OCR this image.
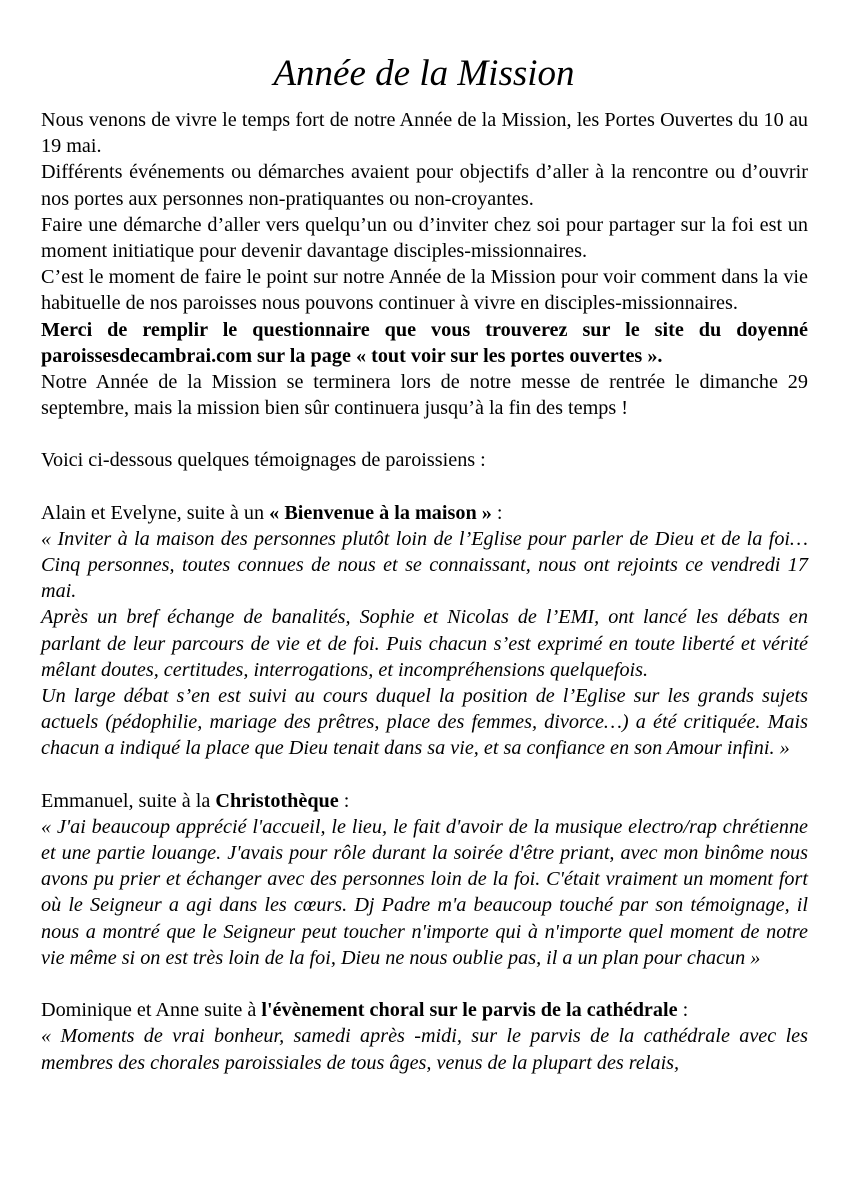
Année de la Mission

Nous venons de vivre le temps fort de notre Année de la Mission, les Portes Ouvertes du 10 au 19 mai.

Différents événements ou démarches avaient pour objectifs d’aller à la rencontre ou d’ouvrir nos portes aux personnes non-pratiquantes ou non-croyantes.

Faire une démarche d’aller vers quelqu’un ou d’inviter chez soi pour partager sur la foi est un moment initiatique pour devenir davantage disciples-missionnaires.

C’est le moment de faire le point sur notre Année de la Mission pour voir comment dans la vie habituelle de nos paroisses nous pouvons continuer à vivre en disciples-missionnaires.

Merci de remplir le questionnaire que vous trouverez sur le site du doyenné paroissesdecambrai.com sur la page « tout voir sur les portes ouvertes ».

Notre Année de la Mission se terminera lors de notre messe de rentrée le dimanche 29 septembre, mais la mission bien sûr continuera jusqu’à la fin des temps !

Voici ci-dessous quelques témoignages de paroissiens :

Alain et Evelyne, suite à un « Bienvenue à la maison » :

« Inviter à la maison des personnes plutôt loin de l’Eglise pour parler de Dieu et de la foi… Cinq personnes, toutes connues de nous et se connaissant, nous ont rejoints ce vendredi 17 mai.

Après un bref échange de banalités, Sophie et Nicolas de l’EMI, ont lancé les débats en parlant de leur parcours de vie et de foi. Puis chacun s’est exprimé en toute liberté et vérité mêlant doutes, certitudes, interrogations, et incompréhensions quelquefois.

Un large débat s’en est suivi au cours duquel la position de l’Eglise sur les grands sujets actuels (pédophilie, mariage des prêtres, place des femmes, divorce…) a été critiquée. Mais chacun a indiqué la place que Dieu tenait dans sa vie, et sa confiance en son Amour infini. »

Emmanuel, suite à la Christothèque :

« J'ai beaucoup apprécié l'accueil, le lieu, le fait d'avoir de la musique electro/rap chrétienne et une partie louange. J'avais pour rôle durant la soirée d'être priant, avec mon binôme nous avons pu prier et échanger avec des personnes loin de la foi. C'était vraiment un moment fort où le Seigneur a agi dans les cœurs. Dj Padre m'a beaucoup touché par son témoignage, il nous a montré que le Seigneur peut toucher n'importe qui à n'importe quel moment de notre vie même si on est très loin de la foi, Dieu ne nous oublie pas, il a un plan pour chacun »

Dominique et Anne suite à l'évènement choral sur le parvis de la cathédrale :

« Moments de vrai bonheur, samedi après -midi, sur le parvis de la cathédrale avec les membres des chorales paroissiales de tous âges, venus de la plupart des relais,
